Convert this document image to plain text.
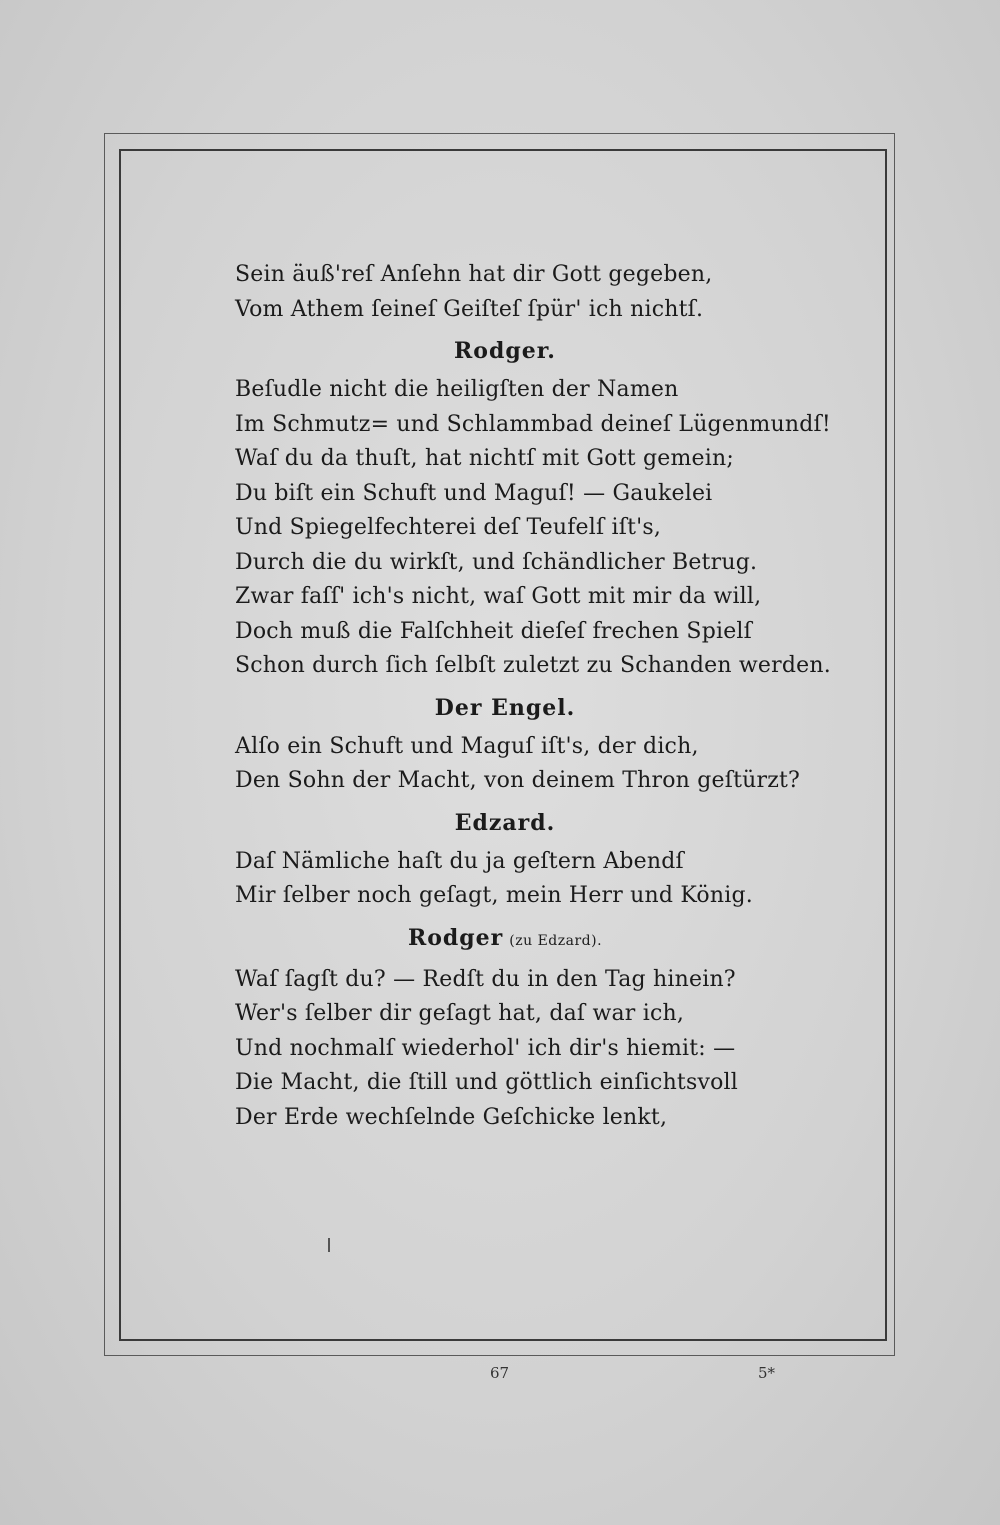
Sein äuß'reſ Anſehn hat dir Gott gegeben,
Vom Athem ſeineſ Geiſteſ ſpür' ich nichtſ.
Rodger.
Beſudle nicht die heiligſten der Namen
Im Schmutz= und Schlammbad deineſ Lügenmundſ!
Waſ du da thuſt, hat nichtſ mit Gott gemein;
Du biſt ein Schuft und Maguſ! — Gaukelei
Und Spiegelfechterei deſ Teufelſ iſt's,
Durch die du wirkſt, und ſchändlicher Betrug.
Zwar faſſ' ich's nicht, waſ Gott mit mir da will,
Doch muß die Falſchheit dieſeſ frechen Spielſ
Schon durch ſich ſelbſt zuletzt zu Schanden werden.
Der Engel.
Alſo ein Schuft und Maguſ iſt's, der dich,
Den Sohn der Macht, von deinem Thron geſtürzt?
Edzard.
Daſ Nämliche haſt du ja geſtern Abendſ
Mir ſelber noch geſagt, mein Herr und König.
Rodger (zu Edzard).
Waſ ſagſt du? — Redſt du in den Tag hinein?
Wer's ſelber dir geſagt hat, daſ war ich,
Und nochmalſ wiederhol' ich dir's hiemit: —
Die Macht, die ſtill und göttlich einſichtsvoll
Der Erde wechſelnde Geſchicke lenkt,
67	5*
